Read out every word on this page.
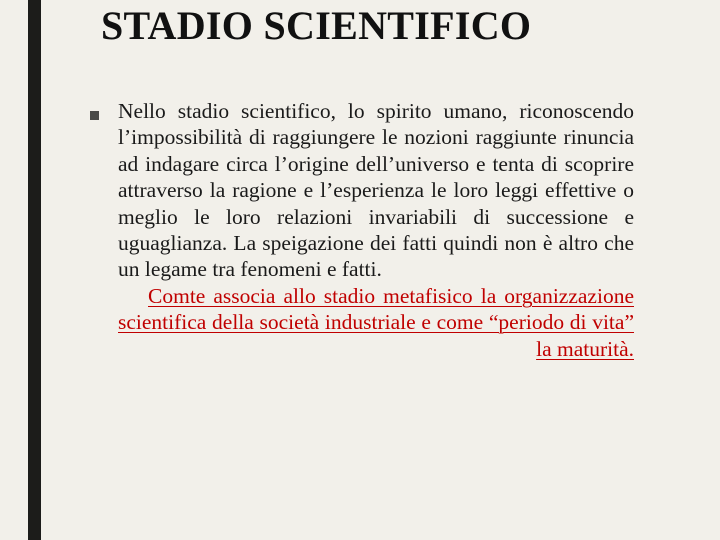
STADIO SCIENTIFICO

Nello stadio scientifico, lo spirito umano, riconoscendo l’impossibilità di raggiungere le nozioni raggiunte rinuncia ad indagare circa l’origine dell’universo e tenta di scoprire attraverso la ragione e l’esperienza le loro leggi effettive o meglio le loro relazioni invariabili di successione e uguaglianza. La speigazione dei fatti quindi non è altro che un legame tra fenomeni e fatti.

Comte associa allo stadio metafisico la organizzazione scientifica della società industriale e come “periodo di vita” la maturità.
